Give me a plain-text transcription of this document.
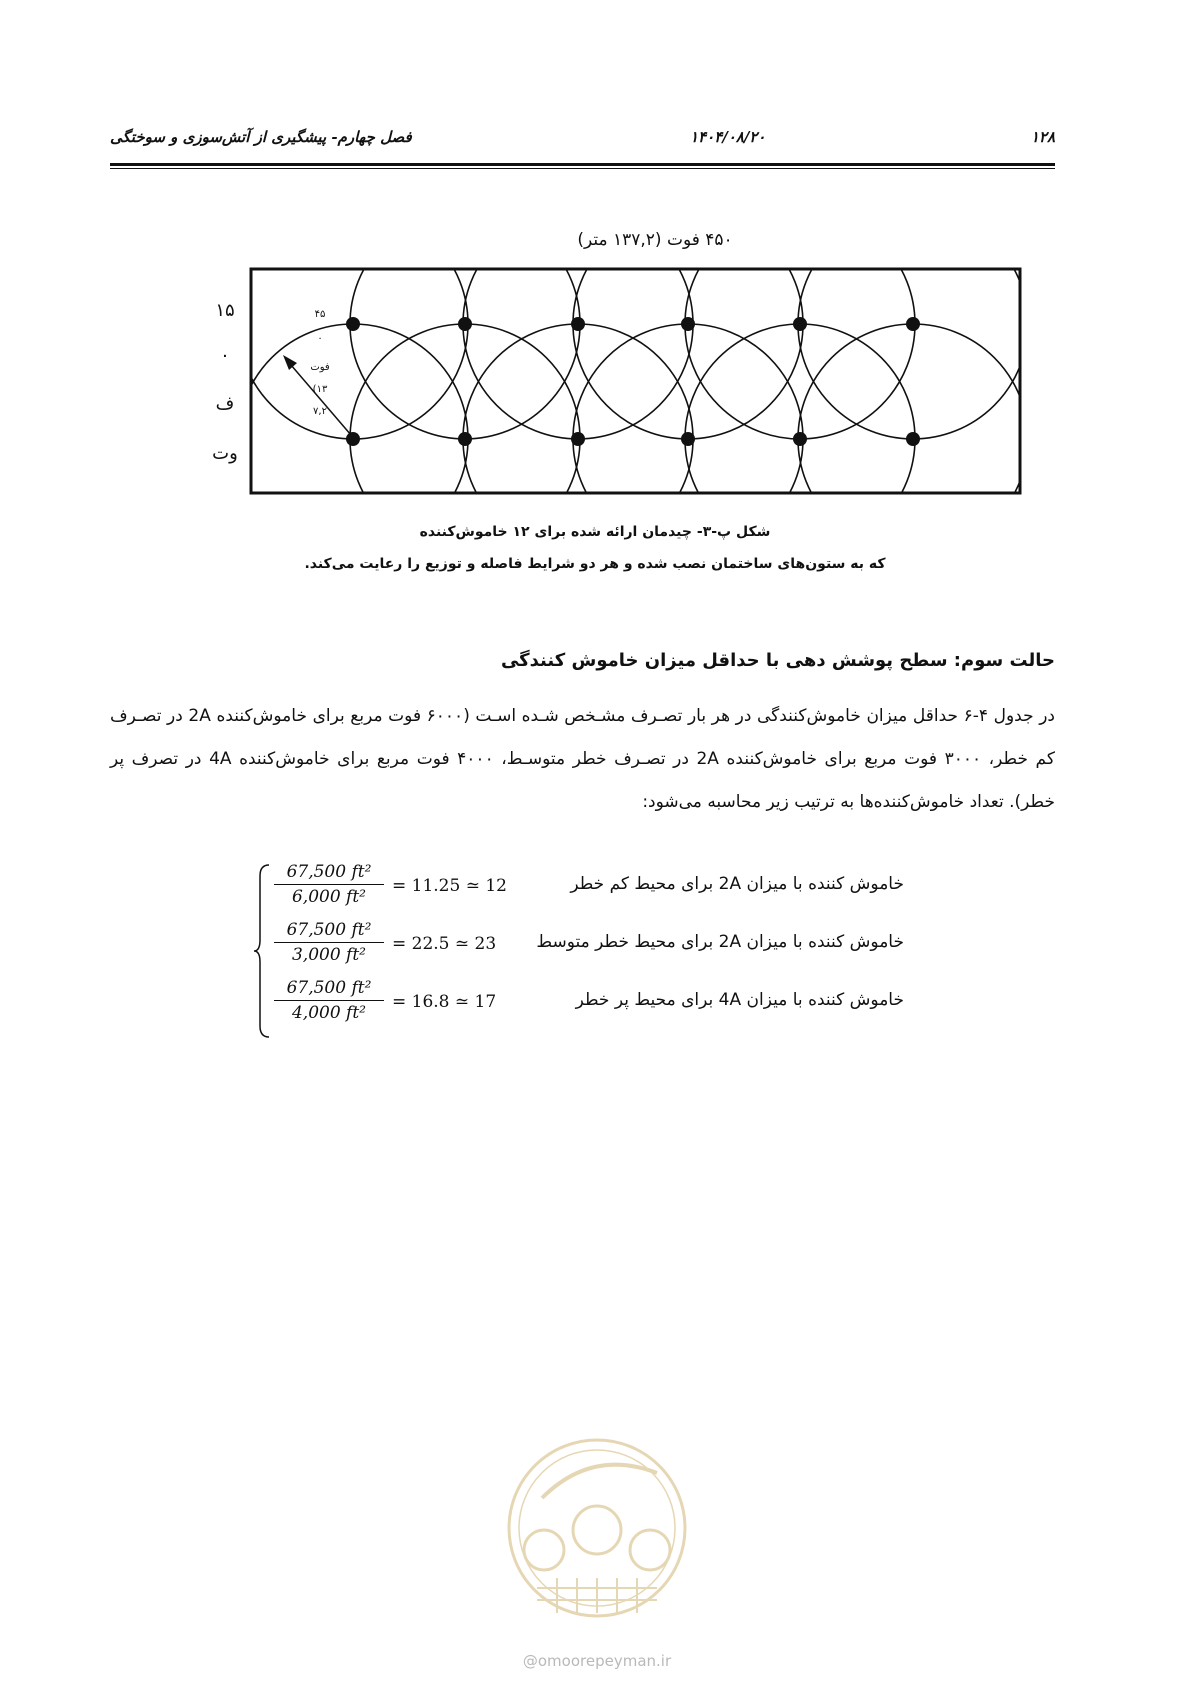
فصل چهارم- پیشگیری از آتش‌سوزی و سوختگی	۱۴۰۴/۰۸/۲۰	۱۲۸
۴۵۰ فوت (۱۳۷,۲ متر)
۱۵
۰
ف
وت
۴۵
۰
فوت
(۱۳
۷,۲
شکل پ-۳- چیدمان ارائه شده برای ۱۲ خاموش‌کننده
که به ستون‌های ساختمان نصب شده و هر دو شرایط فاصله و توزیع را رعایت می‌کند.
حالت سوم: سطح پوشش دهی با حداقل میزان خاموش کنندگی
در جدول ۴-۶ حداقل میزان خاموش‌کنندگی در هر بار تصـرف مشـخص شـده اسـت (۶۰۰۰ فوت مربع برای خاموش‌کننده 2A در تصـرف کم خطر، ۳۰۰۰ فوت مربع برای خاموش‌کننده 2A در تصـرف خطر متوسـط، ۴۰۰۰ فوت مربع برای خاموش‌کننده 4A در تصرف پر خطر). تعداد خاموش‌کننده‌ها به ترتیب زیر محاسبه می‌شود:
$\frac{\text{67,500 ft²}}{\text{6,000 ft²}} = 11.25$ ≃ 12	خاموش کننده با میزان 2A برای محیط کم خطر
$\frac{\text{67,500 ft²}}{\text{3,000 ft²}} = 22.5$ ≃ 23 خاموش کننده با میزان 2A برای محیط خطر متوسط
$\frac{\text{67,500 ft²}}{\text{4,000 ft²}} = 16.8$ ≃ 17	خاموش کننده با میزان 4A برای محیط پر خطر
@omoorepeyman.ir
